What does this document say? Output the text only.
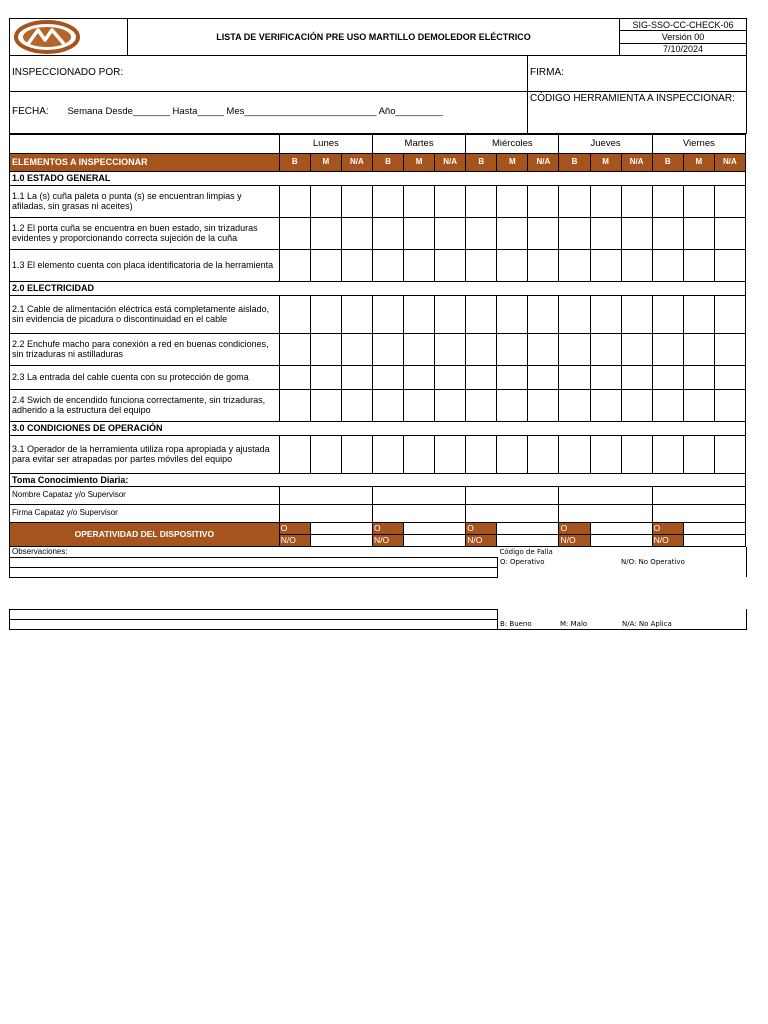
	LISTA DE VERIFICACIÓN PRE USO MARTILLO DEMOLEDOR ELÉCTRICO	SIG-SSO-CC-CHECK-06
Versión 00
7/10/2024
INSPECCIONADO POR:	FIRMA:
FECHA: Semana Desde_______ Hasta_____ Mes_________________________ Año_________	CÓDIGO HERRAMIENTA A INSPECCIONAR:
	Lunes			Martes			Miércoles			Jueves			Viernes		
ELEMENTOS A INSPECCIONAR	B	M	N/A	B	M	N/A	B	M	N/A	B	M	N/A	B	M	N/A
1.0 ESTADO GENERAL															
1.1 La (s) cuña paleta o punta (s) se encuentran limpias y afiladas, sin grasas ni aceites)															
1.2 El porta cuña se encuentra en buen estado, sin trizaduras evidentes y proporcionando correcta sujeción de la cuña															
1.3 El elemento cuenta con placa identificatoria de la herramienta															
2.0 ELECTRICIDAD															
2.1 Cable de alimentación eléctrica está completamente aislado, sin evidencia de picadura o discontinuidad en el cable															
2.2 Enchufe macho para conexión a red en buenas condiciones, sin trizaduras ni astilladuras															
2.3 La entrada del cable cuenta con su protección de goma															
2.4 Swich de encendido funciona correctamente, sin trizaduras, adherido a la estructura del equipo															
3.0 CONDICIONES DE OPERACIÓN															
3.1 Operador de la herramienta utiliza ropa apropiada y ajustada para evitar ser atrapadas por partes móviles del equipo															
Toma Conocimiento Diaria:															
Nombre Capataz y/o Supervisor															
Firma Capataz y/o Supervisor															
OPERATIVIDAD DEL DISPOSITIVO	O			O			O			O			O		
	N/O			N/O			N/O			N/O			N/O		
Observaciones:	Código de Falla
	O: Operativo N/O: No Operativo

	B: Bueno M: Malo N/A: No Aplica
